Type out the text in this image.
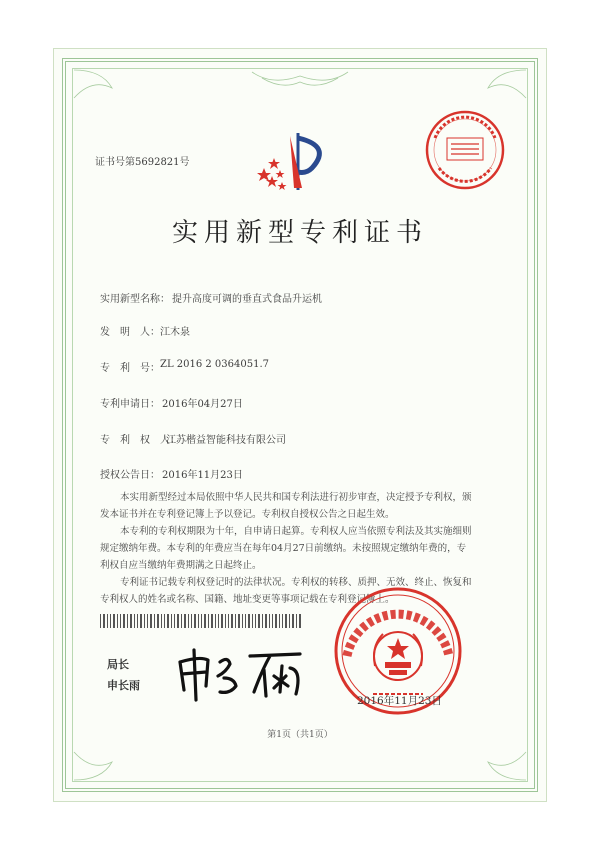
证书号第5692821号
实用新型专利证书
实用新型名称： 提升高度可调的垂直式食品升运机
发　明　人： 江木泉
专　利　号： ZL 2016 2 0364051.7
专利申请日： 2016年04月27日
专　利　权　人：
江苏楷益智能科技有限公司
授权公告日： 2016年11月23日
本实用新型经过本局依照中华人民共和国专利法进行初步审查，决定授予专利权，颁
发本证书并在专利登记簿上予以登记。专利权自授权公告之日起生效。
本专利的专利权期限为十年，自申请日起算。专利权人应当依照专利法及其实施细则
规定缴纳年费。本专利的年费应当在每年04月27日前缴纳。未按照规定缴纳年费的，专
利权自应当缴纳年费期满之日起终止。
专利证书记载专利权登记时的法律状况。专利权的转移、质押、无效、终止、恢复和
专利权人的姓名或名称、国籍、地址变更等事项记载在专利登记簿上。
局长
申长雨
2016年11月23日
第1页（共1页）
